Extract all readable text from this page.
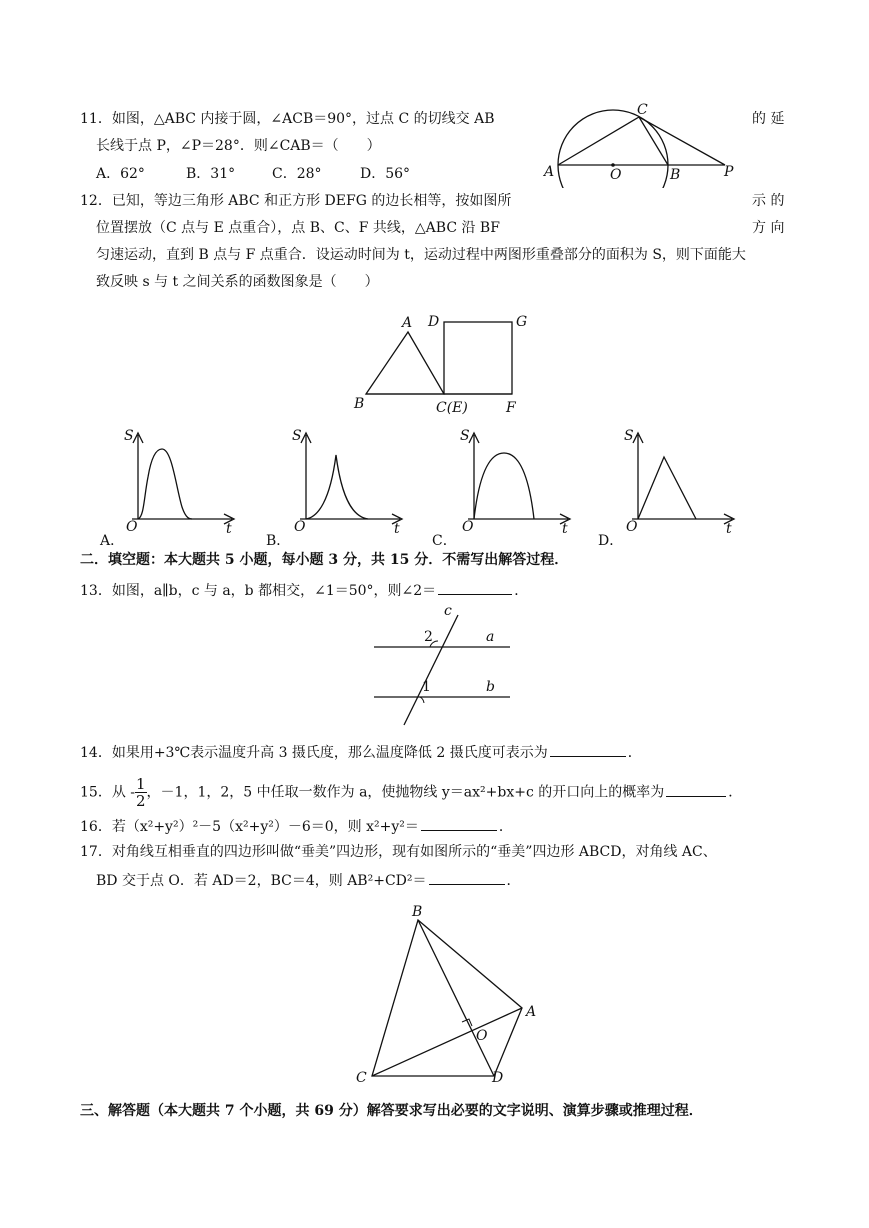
11．如图，△ABC 内接于圆，∠ACB＝90°，过点 C 的切线交 AB	的 延
长线于点 P，∠P＝28°．则∠CAB＝（　　）
A．62°	B．31°	C．28°	D．56°
C
A	O	B	P
12．已知，等边三角形 ABC 和正方形 DEFG 的边长相等，按如图所	示 的
位置摆放（C 点与 E 点重合），点 B、C、F 共线，△ABC 沿 BF	方 向
匀速运动，直到 B 点与 F 点重合．设运动时间为 t，运动过程中两图形重叠部分的面积为 S，则下面能大
致反映 s 与 t 之间关系的函数图象是（　　）
A D	G
B	C(E)	F
S
O	t
A．
S
O	t
B．
S
O	t
C．
S
O	t
D．
二．填空题：本大题共 5 小题，每小题 3 分，共 15 分．不需写出解答过程．
13．如图，a∥b，c 与 a，b 都相交，∠1＝50°，则∠2＝	．
c
2	a
1	b
14．如果用+3℃表示温度升高 3 摄氏度，那么温度降低 2 摄氏度可表示为	．
15．从 - $\frac{1}{2}$ ，－1，1，2，5 中任取一数作为 a，使抛物线 y＝ax²+bx+c 的开口向上的概率为	．
16．若（x²+y²）²－5（x²+y²）－6＝0，则 x²+y²＝	．
17．对角线互相垂直的四边形叫做“垂美”四边形，现有如图所示的“垂美”四边形 ABCD，对角线 AC、
BD 交于点 O．若 AD＝2，BC＝4，则 AB²+CD²＝	．
B
A
O
C	D
三、解答题（本大题共 7 个小题，共 69 分）解答要求写出必要的文字说明、演算步骤或推理过程．
